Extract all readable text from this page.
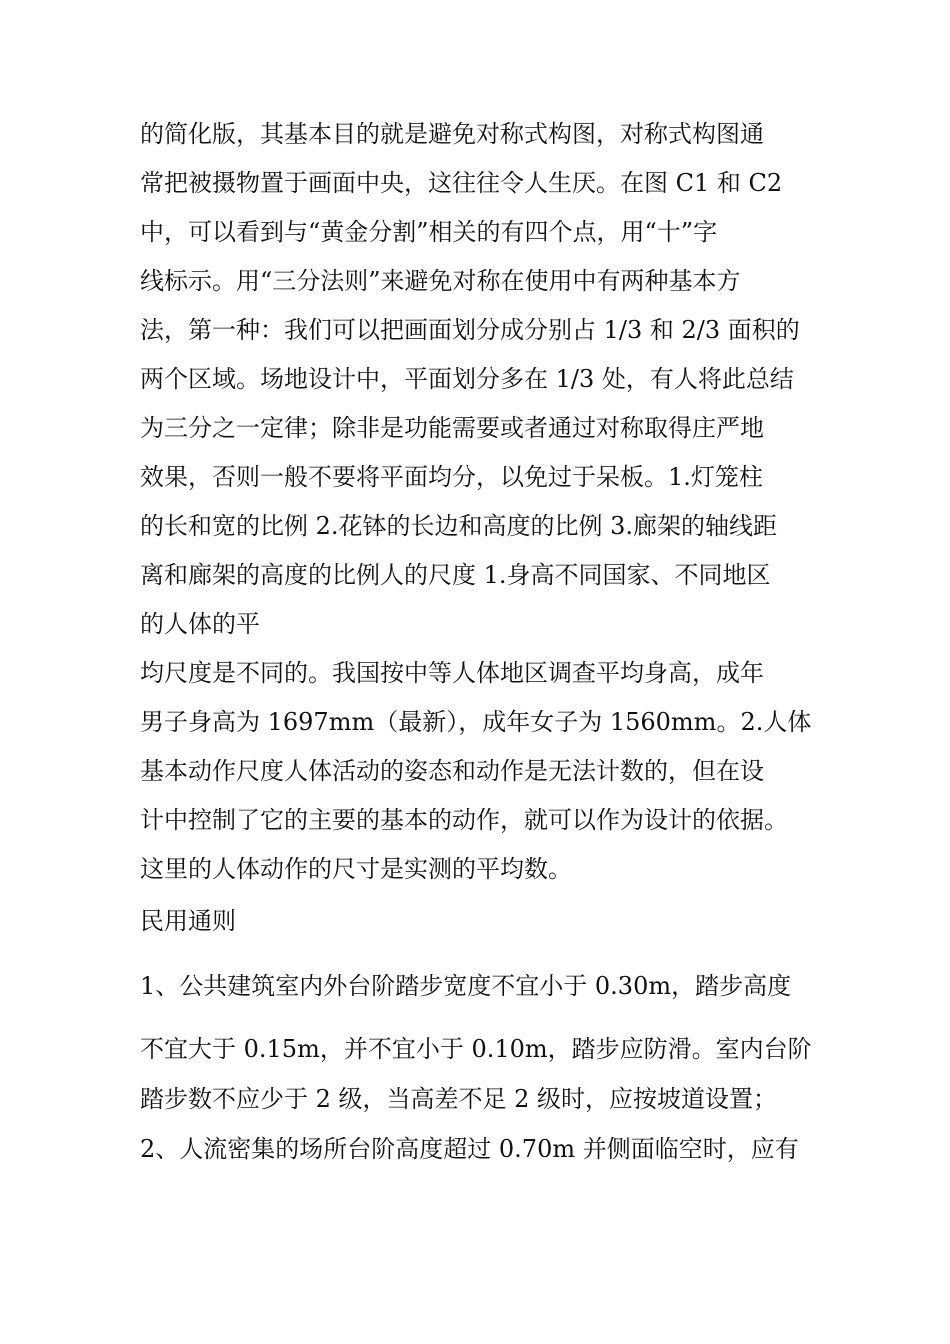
的简化版，其基本目的就是避免对称式构图，对称式构图通
常把被摄物置于画面中央，这往往令人生厌。在图 C1 和 C2
中，可以看到与“黄金分割”相关的有四个点，用“十”字
线标示。用“三分法则”来避免对称在使用中有两种基本方
法，第一种：我们可以把画面划分成分别占 1/3 和 2/3 面积的
两个区域。场地设计中，平面划分多在 1/3 处，有人将此总结
为三分之一定律；除非是功能需要或者通过对称取得庄严地
效果，否则一般不要将平面均分，以免过于呆板。1.灯笼柱
的长和宽的比例 2.花钵的长边和高度的比例 3.廊架的轴线距
离和廊架的高度的比例人的尺度 1.身高不同国家、不同地区
的人体的平
均尺度是不同的。我国按中等人体地区调查平均身高，成年
男子身高为 1697mm（最新），成年女子为 1560mm。2.人体
基本动作尺度人体活动的姿态和动作是无法计数的，但在设
计中控制了它的主要的基本的动作，就可以作为设计的依据。
这里的人体动作的尺寸是实测的平均数。
民用通则
1、公共建筑室内外台阶踏步宽度不宜小于 0.30m，踏步高度
不宜大于 0.15m，并不宜小于 0.10m，踏步应防滑。室内台阶
踏步数不应少于 2 级，当高差不足 2 级时，应按坡道设置；
2、人流密集的场所台阶高度超过 0.70m 并侧面临空时，应有
